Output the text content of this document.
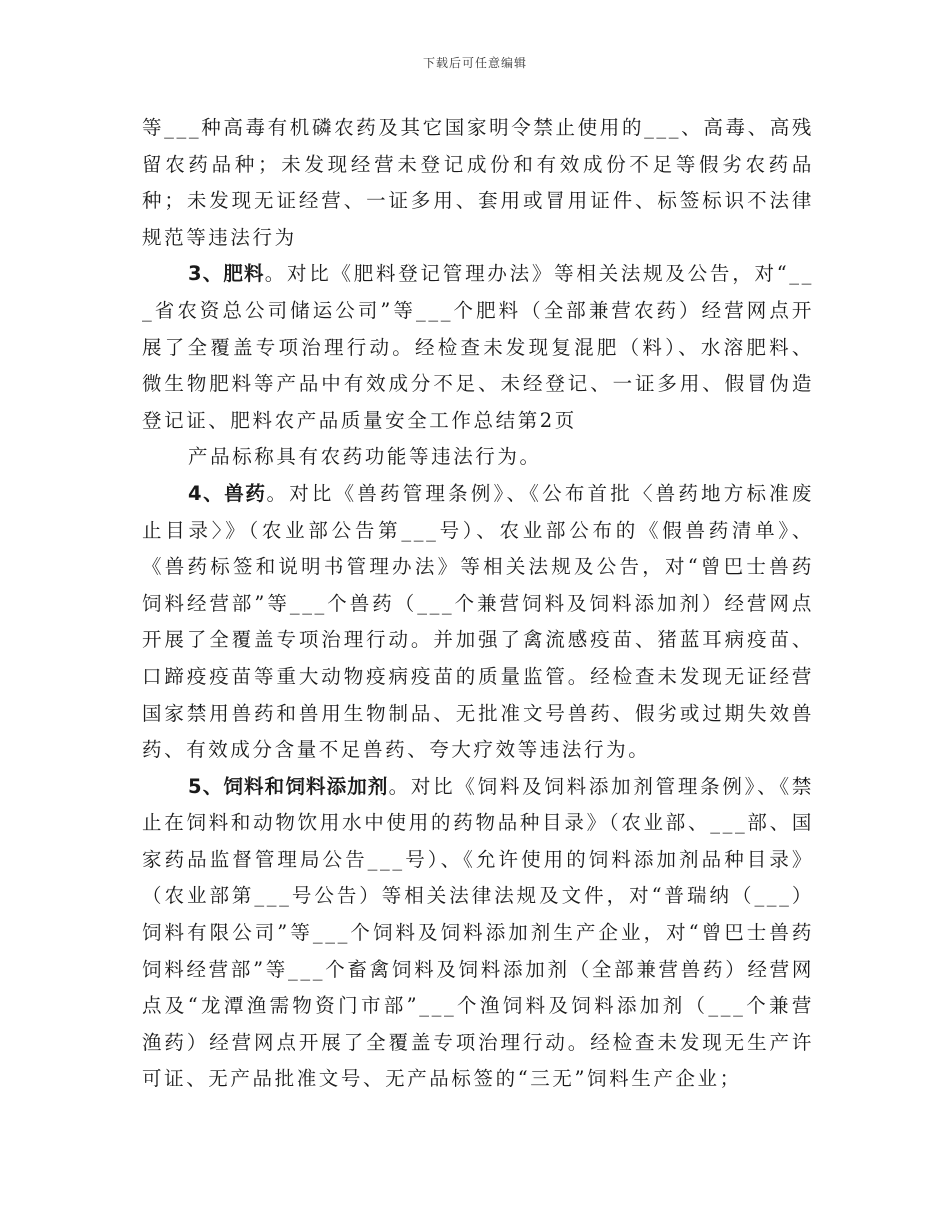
下载后可任意编辑

等___种高毒有机磷农药及其它国家明令禁止使用的___、高毒、高残留农药品种；未发现经营未登记成份和有效成份不足等假劣农药品种；未发现无证经营、一证多用、套用或冒用证件、标签标识不法律规范等违法行为

3、肥料。对比《肥料登记管理办法》等相关法规及公告，对“___省农资总公司储运公司”等___个肥料（全部兼营农药）经营网点开展了全覆盖专项治理行动。经检查未发现复混肥（料）、水溶肥料、微生物肥料等产品中有效成分不足、未经登记、一证多用、假冒伪造登记证、肥料农产品质量安全工作总结第2页

产品标称具有农药功能等违法行为。

4、兽药。对比《兽药管理条例》、《公布首批〈兽药地方标准废止目录〉》（农业部公告第___号）、农业部公布的《假兽药清单》、《兽药标签和说明书管理办法》等相关法规及公告，对“曾巴士兽药饲料经营部”等___个兽药（___个兼营饲料及饲料添加剂）经营网点开展了全覆盖专项治理行动。并加强了禽流感疫苗、猪蓝耳病疫苗、口蹄疫疫苗等重大动物疫病疫苗的质量监管。经检查未发现无证经营国家禁用兽药和兽用生物制品、无批准文号兽药、假劣或过期失效兽药、有效成分含量不足兽药、夸大疗效等违法行为。

5、饲料和饲料添加剂。对比《饲料及饲料添加剂管理条例》、《禁止在饲料和动物饮用水中使用的药物品种目录》（农业部、___部、国家药品监督管理局公告___号）、《允许使用的饲料添加剂品种目录》（农业部第___号公告）等相关法律法规及文件，对“普瑞纳（___）饲料有限公司”等___个饲料及饲料添加剂生产企业，对“曾巴士兽药饲料经营部”等___个畜禽饲料及饲料添加剂（全部兼营兽药）经营网点及“龙潭渔需物资门市部”___个渔饲料及饲料添加剂（___个兼营渔药）经营网点开展了全覆盖专项治理行动。经检查未发现无生产许可证、无产品批准文号、无产品标签的“三无”饲料生产企业；
